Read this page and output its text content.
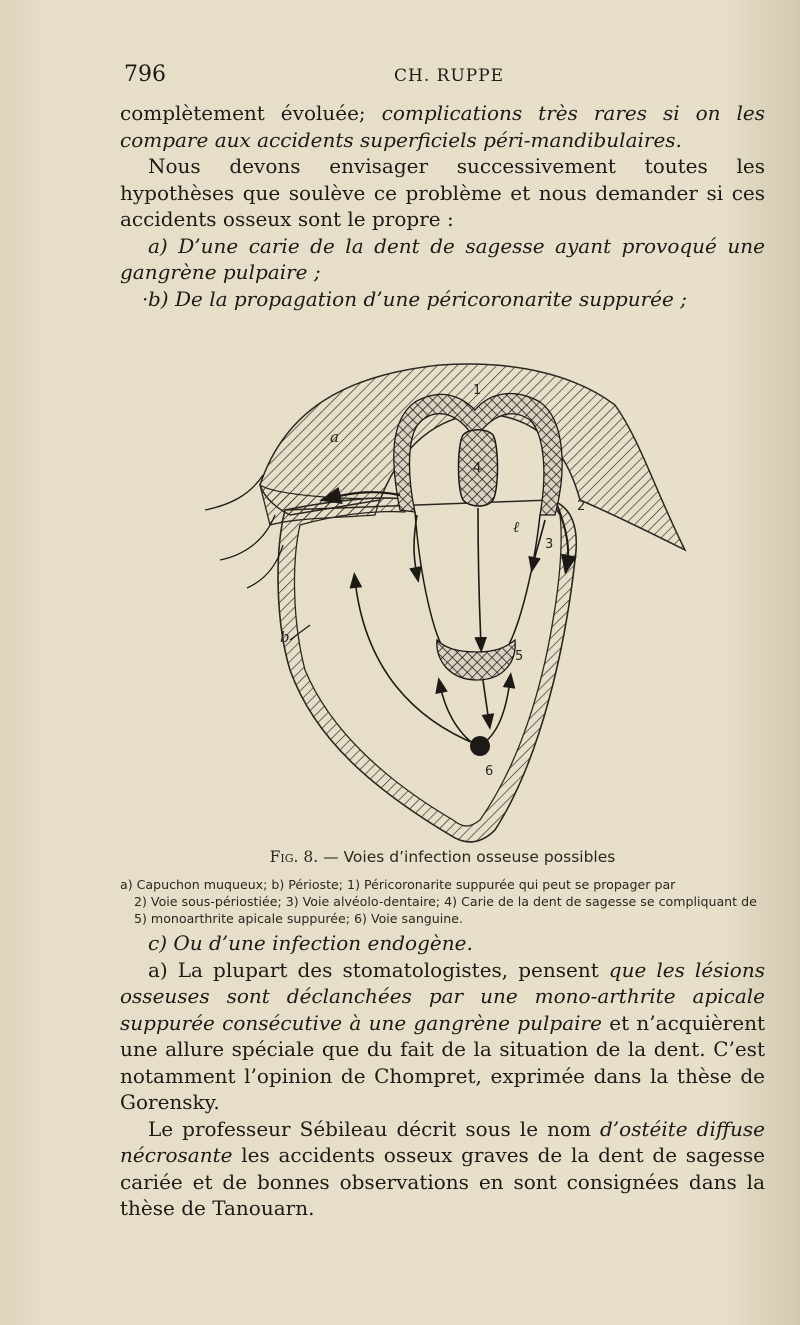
796	CH. RUPPE

complètement évoluée; complications très rares si on les compare aux accidents superficiels péri-mandibulaires.

Nous devons envisager successivement toutes les hypothèses que soulève ce problème et nous demander si ces accidents osseux sont le propre :

a) D’une carie de la dent de sagesse ayant provoqué une gangrène pulpaire ;

· b) De la propagation d’une péricoronarite suppurée ;

a
b
1
2
3
4
5
6
ℓ
Fig. 8. — Voies d’infection osseuse possibles

a) Capuchon muqueux; b) Périoste; 1) Péricoronarite suppurée qui peut se propager par

2) Voie sous-périostiée; 3) Voie alvéolo-dentaire; 4) Carie de la dent de sagesse se compliquant de 5) monoarthrite apicale suppurée; 6) Voie sanguine.

c) Ou d’une infection endogène.

a) La plupart des stomatologistes, pensent que les lésions osseuses sont déclanchées par une mono-arthrite apicale suppurée consécutive à une gangrène pulpaire et n’acquièrent une allure spéciale que du fait de la situation de la dent. C’est notamment l’opinion de Chompret, exprimée dans la thèse de Gorensky.

Le professeur Sébileau décrit sous le nom d’ostéite diffuse nécrosante les accidents osseux graves de la dent de sagesse cariée et de bonnes observations en sont consignées dans la thèse de Tanouarn.
